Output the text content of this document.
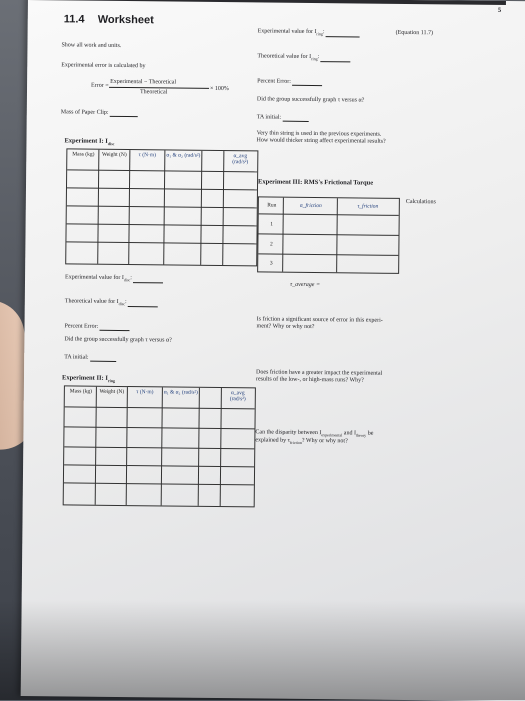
5
11.4 Worksheet
Show all work and units.
Experimental error is calculated by
Error =
Experimental − Theoretical
Theoretical
× 100%
Mass of Paper Clip:
Experiment I: $I_{disc}$
Mass (kg)	Weight (N)	τ (N·m)	α₁ & α₂ (rad/s²)	α_avg (rad/s²)
Experimental value for $I_{disc}$:
Theoretical value for $I_{disc}$:
Percent Error:
Did the group successfully graph τ versus α?
TA initial:
Experiment II: $I_{ring}$
Mass (kg)	Weight (N)	τ (N·m)	α₁ & α₂ (rad/s²)	α_avg (rad/s²)
Experimental value for $I_{ring}$:	(Equation 11.7)
Theoretical value for $I_{ring}$:
Percent Error:
Did the group successfully graph τ versus α?
TA initial:
Very thin string is used in the previous experiments.
How would thicker string affect experimental results?
Experiment III: RMS's Frictional Torque
Run	α_friction	τ_friction
1
2
3
Calculations
τ_average =
Is friction a significant source of error in this experi-
ment? Why or why not?
Does friction have a greater impact the experimental
results of the low-, or high-mass runs? Why?
Can the disparity between $I_{experimental}$ and $I_{theory}$ be
explained by $\tau_{friction}$? Why or why not?
